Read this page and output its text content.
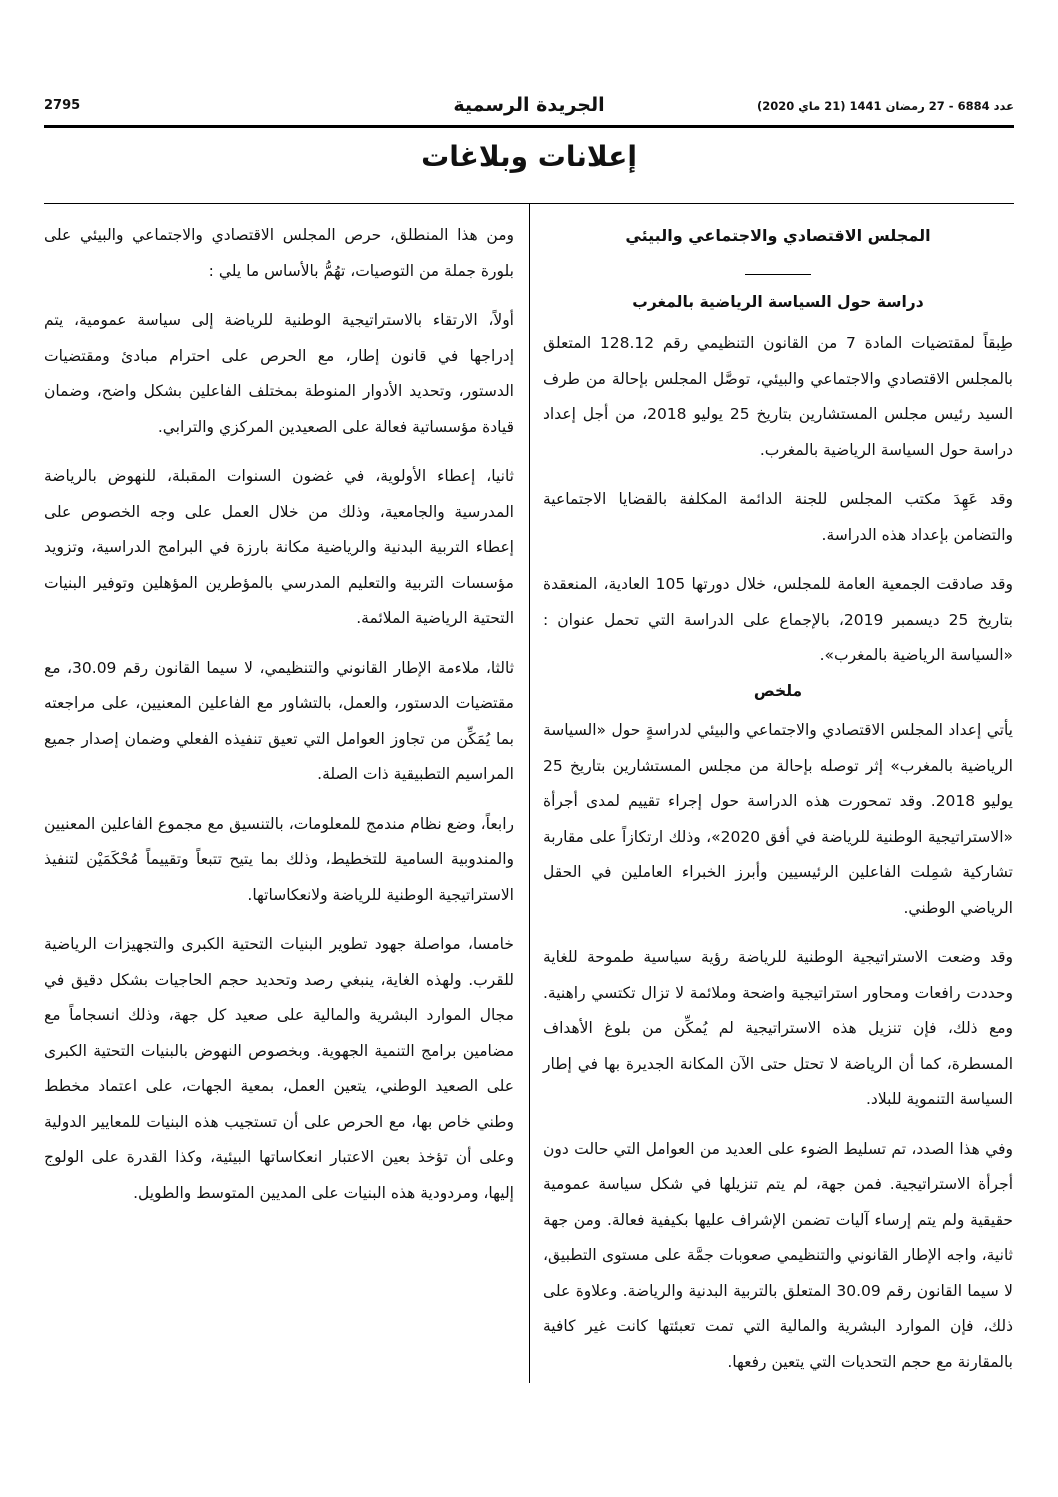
2795	الجريدة الرسمية	عدد 6884 - 27 رمضان 1441 (21 ماي 2020)
إعلانات وبلاغات

المجلس الاقتصادي والاجتماعي والبيئي

دراسة حول السياسة الرياضية بالمغرب

طِبقاً لمقتضيات المادة 7 من القانون التنظيمي رقم 128.12 المتعلق بالمجلس الاقتصادي والاجتماعي والبيئي، توصَّل المجلس بإحالة من طرف السيد رئيس مجلس المستشارين بتاريخ 25 يوليو 2018، من أجل إعداد دراسة حول السياسة الرياضية بالمغرب.

وقد عَهِدَ مكتب المجلس للجنة الدائمة المكلفة بالقضايا الاجتماعية والتضامن بإعداد هذه الدراسة.

وقد صادقت الجمعية العامة للمجلس، خلال دورتها 105 العادية، المنعقدة بتاريخ 25 ديسمبر 2019، بالإجماع على الدراسة التي تحمل عنوان : «السياسة الرياضية بالمغرب».

ملخص

يأتي إعداد المجلس الاقتصادي والاجتماعي والبيئي لدراسةٍ حول «السياسة الرياضية بالمغرب» إثر توصله بإحالة من مجلس المستشارين بتاريخ 25 يوليو 2018. وقد تمحورت هذه الدراسة حول إجراء تقييم لمدى أجرأة «الاستراتيجية الوطنية للرياضة في أفق 2020»، وذلك ارتكازاً على مقاربة تشاركية شمِلت الفاعلين الرئيسيين وأبرز الخبراء العاملين في الحقل الرياضي الوطني.

وقد وضعت الاستراتيجية الوطنية للرياضة رؤية سياسية طموحة للغاية وحددت رافعات ومحاور استراتيجية واضحة وملائمة لا تزال تكتسي راهنية. ومع ذلك، فإن تنزيل هذه الاستراتيجية لم يُمكِّن من بلوغ الأهداف المسطرة، كما أن الرياضة لا تحتل حتى الآن المكانة الجديرة بها في إطار السياسة التنموية للبلاد.

وفي هذا الصدد، تم تسليط الضوء على العديد من العوامل التي حالت دون أجرأة الاستراتيجية. فمن جهة، لم يتم تنزيلها في شكل سياسة عمومية حقيقية ولم يتم إرساء آليات تضمن الإشراف عليها بكيفية فعالة. ومن جهة ثانية، واجه الإطار القانوني والتنظيمي صعوبات جمَّة على مستوى التطبيق، لا سيما القانون رقم 30.09 المتعلق بالتربية البدنية والرياضة. وعلاوة على ذلك، فإن الموارد البشرية والمالية التي تمت تعبئتها كانت غير كافية بالمقارنة مع حجم التحديات التي يتعين رفعها.

ومن هذا المنطلق، حرص المجلس الاقتصادي والاجتماعي والبيئي على بلورة جملة من التوصيات، تهُمُّ بالأساس ما يلي :

أولاً، الارتقاء بالاستراتيجية الوطنية للرياضة إلى سياسة عمومية، يتم إدراجها في قانون إطار، مع الحرص على احترام مبادئ ومقتضيات الدستور، وتحديد الأدوار المنوطة بمختلف الفاعلين بشكل واضح، وضمان قيادة مؤسساتية فعالة على الصعيدين المركزي والترابي.

ثانيا، إعطاء الأولوية، في غضون السنوات المقبلة، للنهوض بالرياضة المدرسية والجامعية، وذلك من خلال العمل على وجه الخصوص على إعطاء التربية البدنية والرياضية مكانة بارزة في البرامج الدراسية، وتزويد مؤسسات التربية والتعليم المدرسي بالمؤطرين المؤهلين وتوفير البنيات التحتية الرياضية الملائمة.

ثالثا، ملاءمة الإطار القانوني والتنظيمي، لا سيما القانون رقم 30.09، مع مقتضيات الدستور، والعمل، بالتشاور مع الفاعلين المعنيين، على مراجعته بما يُمَكِّن من تجاوز العوامل التي تعيق تنفيذه الفعلي وضمان إصدار جميع المراسيم التطبيقية ذات الصلة.

رابعاً، وضع نظام مندمج للمعلومات، بالتنسيق مع مجموع الفاعلين المعنيين والمندوبية السامية للتخطيط، وذلك بما يتيح تتبعاً وتقييماً مُحْكَمَيْن لتنفيذ الاستراتيجية الوطنية للرياضة ولانعكاساتها.

خامسا، مواصلة جهود تطوير البنيات التحتية الكبرى والتجهيزات الرياضية للقرب. ولهذه الغاية، ينبغي رصد وتحديد حجم الحاجيات بشكل دقيق في مجال الموارد البشرية والمالية على صعيد كل جهة، وذلك انسجاماً مع مضامين برامج التنمية الجهوية. وبخصوص النهوض بالبنيات التحتية الكبرى على الصعيد الوطني، يتعين العمل، بمعية الجهات، على اعتماد مخطط وطني خاص بها، مع الحرص على أن تستجيب هذه البنيات للمعايير الدولية وعلى أن تؤخذ بعين الاعتبار انعكاساتها البيئية، وكذا القدرة على الولوج إليها، ومردودية هذه البنيات على المديين المتوسط والطويل.
